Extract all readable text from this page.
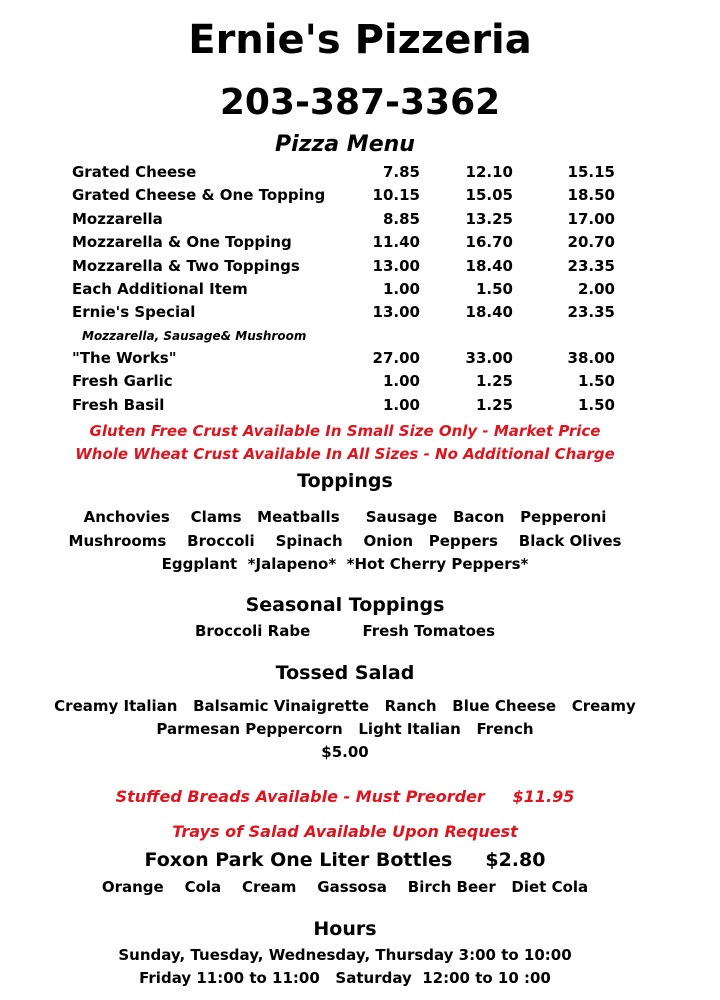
Ernie's Pizzeria
203-387-3362
Pizza Menu
Grated Cheese	7.85	12.10	15.15
Grated Cheese & One Topping	10.15	15.05	18.50
Mozzarella	8.85	13.25	17.00
Mozzarella & One Topping	11.40	16.70	20.70
Mozzarella & Two Toppings	13.00	18.40	23.35
Each Additional Item	1.00	1.50	2.00
Ernie's Special	13.00	18.40	23.35
Mozzarella, Sausage& Mushroom
"The Works"	27.00	33.00	38.00
Fresh Garlic	1.00	1.25	1.50
Fresh Basil	1.00	1.25	1.50
Gluten Free Crust Available In Small Size Only - Market Price
Whole Wheat Crust Available In All Sizes - No Additional Charge
Toppings
Anchovies    Clams   Meatballs     Sausage   Bacon   Pepperoni
Mushrooms    Broccoli    Spinach    Onion   Peppers    Black Olives
Eggplant  *Jalapeno*  *Hot Cherry Peppers*
Seasonal Toppings
Broccoli Rabe          Fresh Tomatoes
Tossed Salad
Creamy Italian   Balsamic Vinaigrette   Ranch   Blue Cheese   Creamy
Parmesan Peppercorn   Light Italian   French
$5.00
Stuffed Breads Available - Must Preorder     $11.95
Trays of Salad Available Upon Request
Foxon Park One Liter Bottles     $2.80
Orange    Cola    Cream    Gassosa    Birch Beer   Diet Cola
Hours
Sunday, Tuesday, Wednesday, Thursday 3:00 to 10:00
Friday 11:00 to 11:00   Saturday  12:00 to 10 :00
